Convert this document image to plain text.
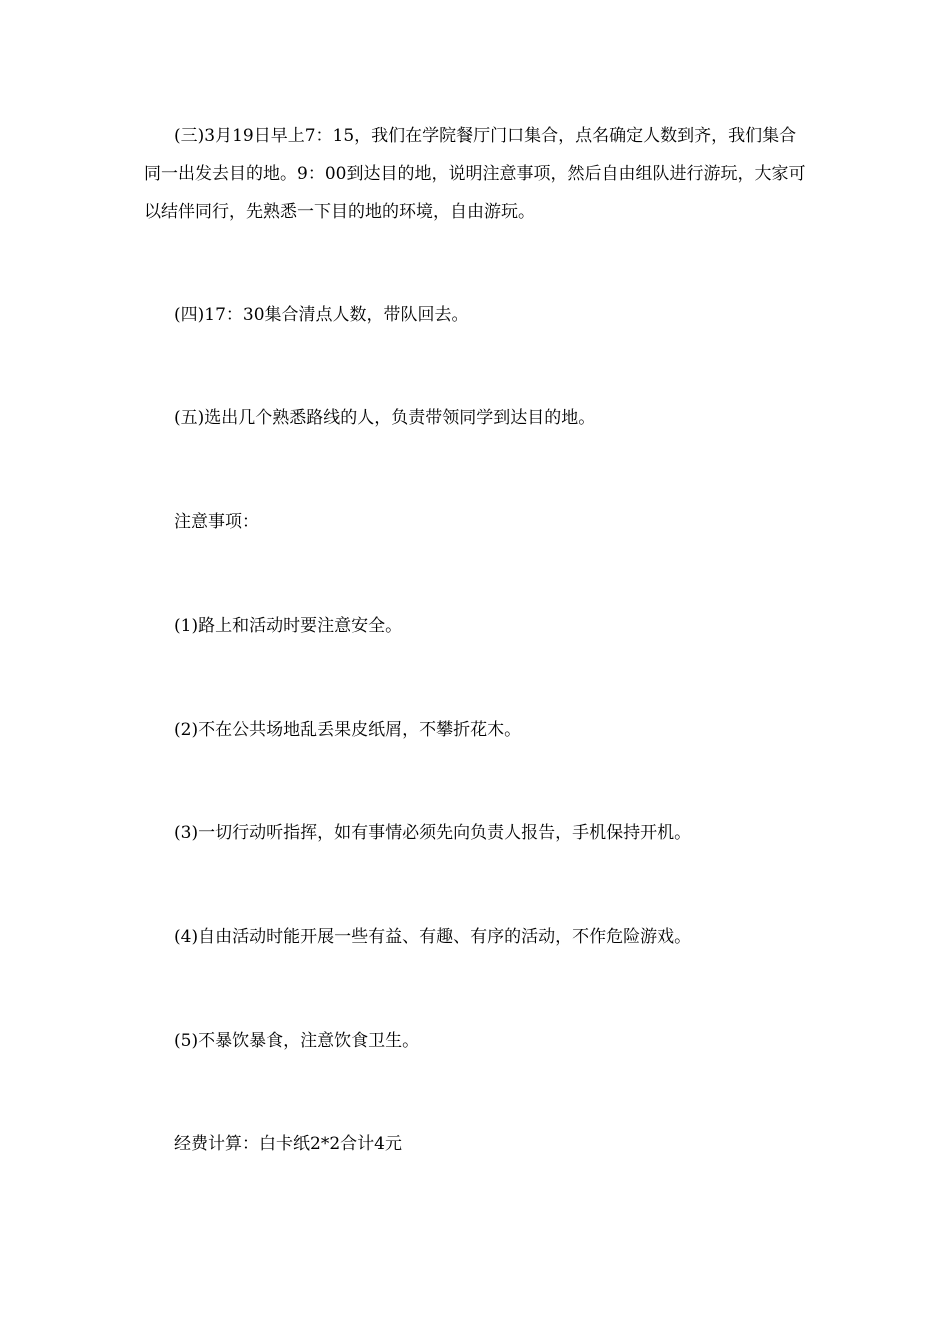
(三)3月19日早上7：15，我们在学院餐厅门口集合，点名确定人数到齐，我们集合同一出发去目的地。9：00到达目的地，说明注意事项，然后自由组队进行游玩，大家可以结伴同行，先熟悉一下目的地的环境，自由游玩。

(四)17：30集合清点人数，带队回去。

(五)选出几个熟悉路线的人，负责带领同学到达目的地。

注意事项：

(1)路上和活动时要注意安全。

(2)不在公共场地乱丢果皮纸屑，不攀折花木。

(3)一切行动听指挥，如有事情必须先向负责人报告，手机保持开机。

(4)自由活动时能开展一些有益、有趣、有序的活动，不作危险游戏。

(5)不暴饮暴食，注意饮食卫生。

经费计算：白卡纸2*2合计4元
